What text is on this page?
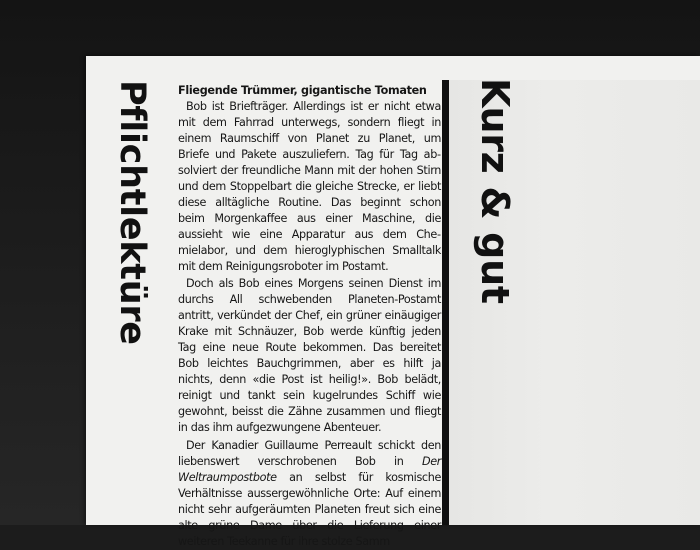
Pflichtlektüre Fliegende Trümmer, gigantische Tomaten

Bob ist Briefträger. Allerdings ist er nicht etwa mit dem Fahrrad unterwegs, sondern fliegt in einem Raumschiff von Planet zu Planet, um Briefe und Pakete auszuliefern. Tag für Tag absolviert der freundliche Mann mit der hohen Stirn und dem Stoppelbart die gleiche Strecke, er liebt diese alltägliche Routine. Das beginnt schon beim Morgenkaffee aus einer Maschine, die aussieht wie eine Apparatur aus dem Chemielabor, und dem hieroglyphischen Smalltalk mit dem Reinigungsroboter im Postamt.

Doch als Bob eines Morgens seinen Dienst im durchs All schwebenden Planeten-Postamt antritt, verkündet der Chef, ein grüner einäugiger Krake mit Schnäuzer, Bob werde künftig jeden Tag eine neue Route bekommen. Das bereitet Bob leichtes Bauchgrimmen, aber es hilft ja nichts, denn «die Post ist heilig!». Bob belädt, reinigt und tankt sein kugelrundes Schiff wie gewohnt, beisst die Zähne zusammen und fliegt in das ihm aufgezwungene Abenteuer.

Der Kanadier Guillaume Perreault schickt den liebenswert verschrobenen Bob in Der Weltraumpostbote an selbst für kosmische Verhältnisse aussergewöhnliche Orte: Auf einem nicht sehr aufgeräumten Planeten freut sich eine alte grüne Dame über die Lieferung einer weiteren Teekanne für ihre stolze Samm

Kurz & gut
